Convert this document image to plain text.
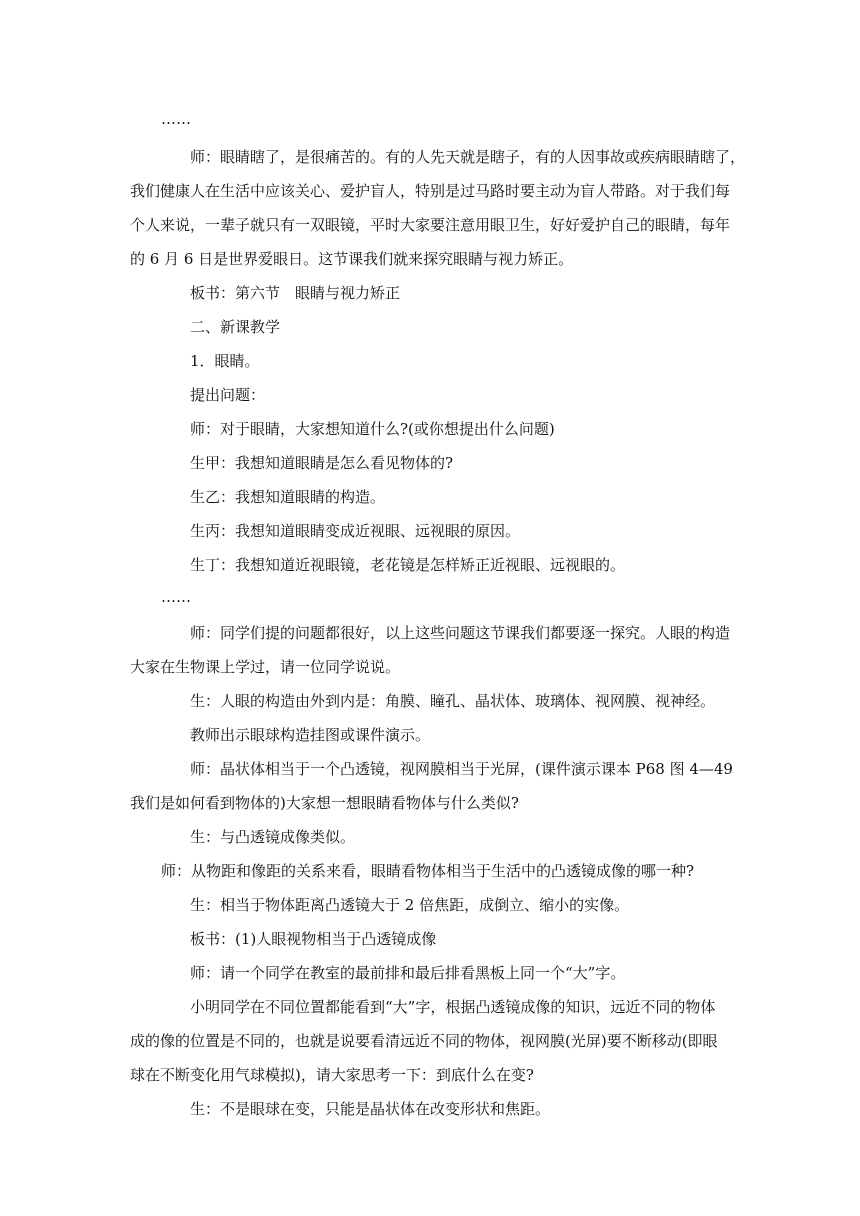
……
师：眼睛瞎了，是很痛苦的。有的人先天就是瞎子，有的人因事故或疾病眼睛瞎了，
我们健康人在生活中应该关心、爱护盲人，特别是过马路时要主动为盲人带路。对于我们每
个人来说，一辈子就只有一双眼镜，平时大家要注意用眼卫生，好好爱护自己的眼睛，每年
的 6 月 6 日是世界爱眼日。这节课我们就来探究眼睛与视力矫正。
板书：第六节　眼睛与视力矫正
二、新课教学
1．眼睛。
提出问题：
师：对于眼睛，大家想知道什么?(或你想提出什么问题)
生甲：我想知道眼睛是怎么看见物体的?
生乙：我想知道眼睛的构造。
生丙：我想知道眼睛变成近视眼、远视眼的原因。
生丁：我想知道近视眼镜，老花镜是怎样矫正近视眼、远视眼的。
……
师：同学们提的问题都很好，以上这些问题这节课我们都要逐一探究。人眼的构造
大家在生物课上学过，请一位同学说说。
生：人眼的构造由外到内是：角膜、瞳孔、晶状体、玻璃体、视网膜、视神经。
教师出示眼球构造挂图或课件演示。
师：晶状体相当于一个凸透镜，视网膜相当于光屏，(课件演示课本 P68 图 4—49
我们是如何看到物体的)大家想一想眼睛看物体与什么类似?
生：与凸透镜成像类似。
师：从物距和像距的关系来看，眼睛看物体相当于生活中的凸透镜成像的哪一种?
生：相当于物体距离凸透镜大于 2 倍焦距，成倒立、缩小的实像。
板书：(1)人眼视物相当于凸透镜成像
师：请一个同学在教室的最前排和最后排看黑板上同一个“大”字。
小明同学在不同位置都能看到“大”字，根据凸透镜成像的知识，远近不同的物体
成的像的位置是不同的，也就是说要看清远近不同的物体，视网膜(光屏)要不断移动(即眼
球在不断变化用气球模拟)，请大家思考一下：到底什么在变?
生：不是眼球在变，只能是晶状体在改变形状和焦距。
